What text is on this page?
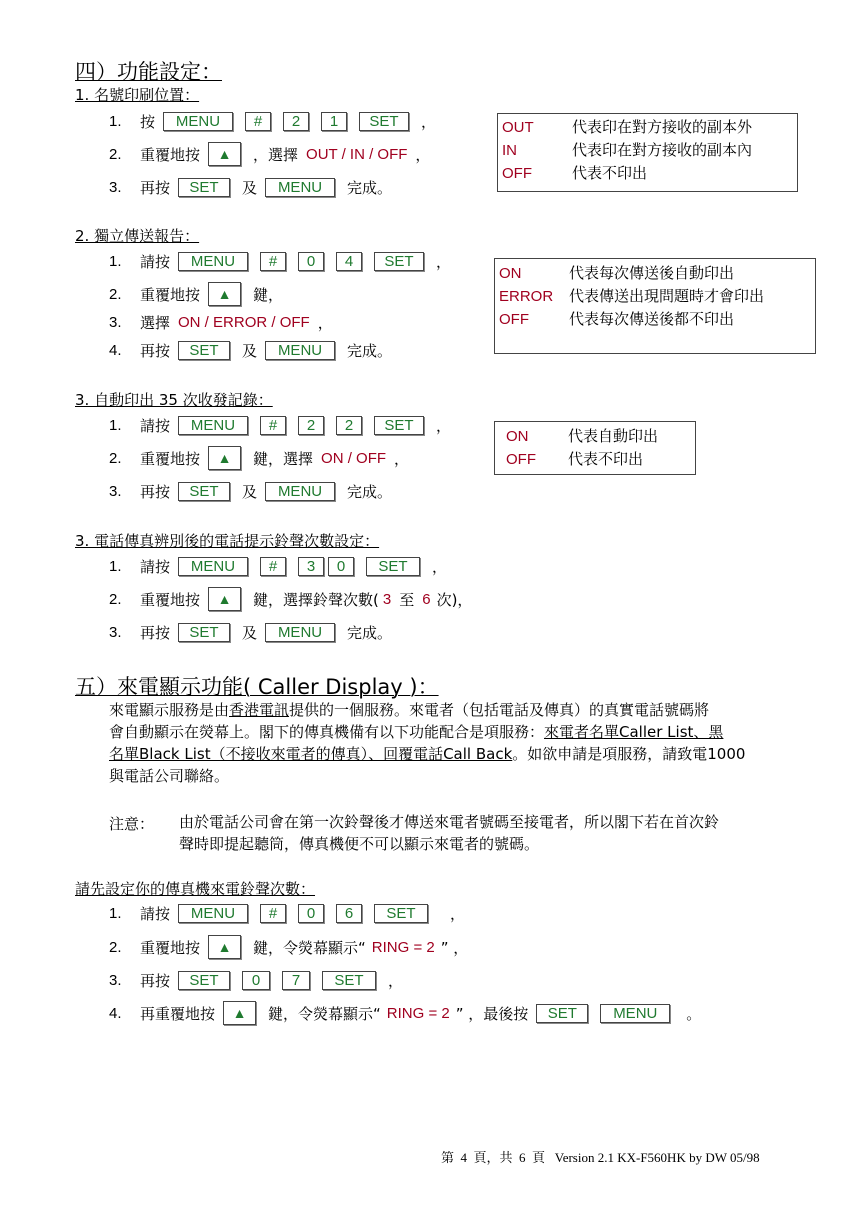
四）功能設定：
1. 名號印刷位置：
1.	按	MENU	#	2	1	SET	，
2.	重覆地按	▲	，選擇 OUT / IN / OFF ，
3.	再按	SET	及	MENU	完成。
OUT	代表印在對方接收的副本外
IN	代表印在對方接收的副本內
OFF	代表不印出
2. 獨立傳送報告：
1.	請按	MENU	#	0	4	SET	，
2.	重覆地按	▲	鍵，
3.	選擇 ON / ERROR / OFF ，
4.	再按	SET	及	MENU	完成。
ON	代表每次傳送後自動印出
ERROR 代表傳送出現問題時才會印出
OFF	代表每次傳送後都不印出
3. 自動印出 35 次收發記錄：
1.	請按	MENU	#	2	2	SET	，
2.	重覆地按	▲	鍵，選擇 ON / OFF ，
3.	再按	SET	及	MENU	完成。
ON	代表自動印出
OFF 代表不印出
3. 電話傳真辨別後的電話提示鈴聲次數設定：
1.	請按	MENU	#	3	0	SET	，
2.	重覆地按	▲	鍵，選擇鈴聲次數( 3 至 6 次)，
3.	再按	SET	及	MENU	完成。
五）來電顯示功能( Caller Display )：
來電顯示服務是由香港電訊提供的一個服務。來電者（包括電話及傳真）的真實電話號碼將
會自動顯示在熒幕上。閣下的傳真機備有以下功能配合是項服務：來電者名單Caller List、黑
名單Black List（不接收來電者的傳真）、回覆電話Call Back。如欲申請是項服務，請致電1000
與電話公司聯絡。
注意： 由於電話公司會在第一次鈴聲後才傳送來電者號碼至接電者，所以閣下若在首次鈴
聲時即提起聽筒，傳真機便不可以顯示來電者的號碼。
請先設定你的傳真機來電鈴聲次數：
1.	請按	MENU	#	0	6	SET	，
2.	重覆地按	▲	鍵，令熒幕顯示“ RING = 2 ” ，
3.	再按	SET	0	7	SET	，
4.	再重覆地按	▲	鍵，令熒幕顯示“ RING = 2 ” ，最後按	SET	MENU	。
第  4  頁，共  6  頁   Version 2.1 KX-F560HK by DW 05/98
